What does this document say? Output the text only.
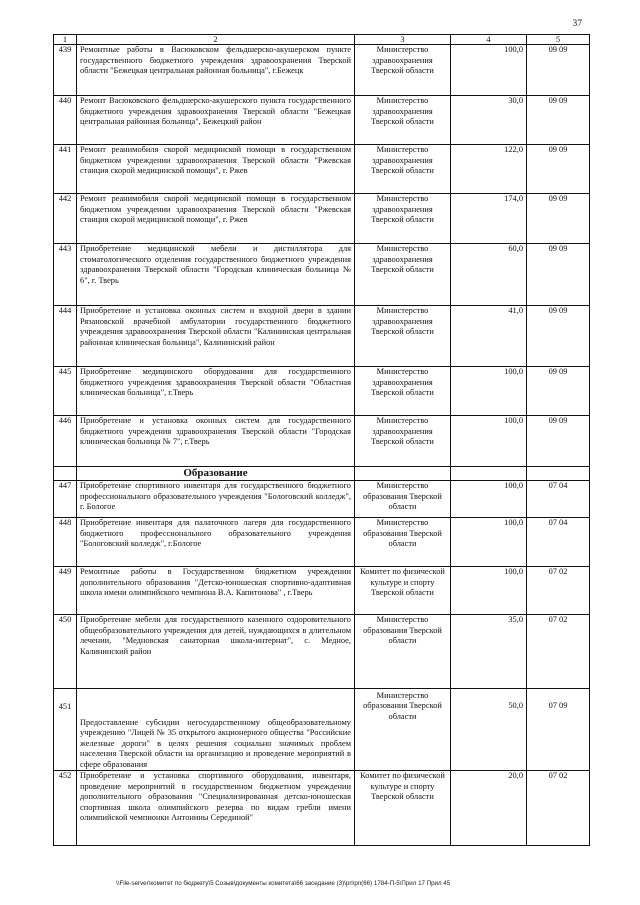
37
1	2	3	4	5
439	Ремонтные работы в Васюковском фельдшерско-акушерском пункте государственного бюджетного учреждения здравоохранения Тверской области "Бежецкая центральная районная больница", г.Бежецк	Министерство здравоохранения Тверской области	100,0	09 09
440	Ремонт Васюковского фельдшерско-акушерского пункта государственного бюджетного учреждения здравоохранения Тверской области "Бежецкая центральная районная больница", Бежецкий район	Министерство здравоохранения Тверской области	30,0	09 09
441	Ремонт реанимобиля скорой медицинской помощи в государственном бюджетном учреждении здравоохранения Тверской области "Ржевская станция скорой медицинской помощи", г. Ржев	Министерство здравоохранения Тверской области	122,0	09 09
442	Ремонт реанимобиля скорой медицинской помощи в государственном бюджетном учреждении здравоохранения Тверской области "Ржевская станция скорой медицинской помощи", г. Ржев	Министерство здравоохранения Тверской области	174,0	09 09
443	Приобретение медицинской мебели и дистиллятора для стоматологического отделения государственного бюджетного учреждения здравоохранения Тверской области "Городская клиническая больница № 6", г. Тверь	Министерство здравоохранения Тверской области	60,0	09 09
444	Приобретение и установка оконных систем и входной двери в здании Рязановской врачебной амбулатории государственного бюджетного учреждения здравоохранения Тверской области "Калининская центральная районная клиническая больница", Калининский район	Министерство здравоохранения Тверской области	41,0	09 09
445	Приобретение медицинского оборудования для государственного бюджетного учреждения здравоохранения Тверской области "Областная клиническая больница", г.Тверь	Министерство здравоохранения Тверской области	100,0	09 09
446	Приобретение и установка оконных систем для государственного бюджетного учреждения здравоохранения Тверской области "Городская клиническая больница № 7", г.Тверь	Министерство здравоохранения Тверской области	100,0	09 09
	Образование			
447	Приобретение спортивного инвентаря для государственного бюджетного профессионального образовательного учреждения "Бологовский колледж", г. Бологое	Министерство образования Тверской области	100,0	07 04
448	Приобретение инвентаря для палаточного лагеря для государственного бюджетного профессионального образовательного учреждения "Бологовский колледж", г.Бологое	Министерство образования Тверской области	100,0	07 04
449	Ремонтные работы в Государственном бюджетном учреждении дополнительного образования "Детско-юношеская спортивно-адаптивная школа имени олимпийского чемпиона В.А. Капитонова" , г.Тверь	Комитет по физической культуре и спорту Тверской области	100,0	07 02
450	Приобретение мебели для государственного казенного оздоровительного общеобразовательного учреждения для детей, нуждающихся в длительном лечении, "Медновская санаторная школа-интернат", с. Медное, Калининский район	Министерство образования Тверской области	35,0	07 02
451	Предоставление субсидии негосударственному общеобразовательному учреждению "Лицей № 35 открытого акционерного общества "Российские железные дороги" в целях решения социально значимых проблем населения Тверской области на организацию и проведение мероприятий в сфере образования	Министерство образования Тверской области	50,0	07 09
452	Приобретение и установка спортивного оборудования, инвентаря, проведение мероприятий в государственном бюджетном учреждении дополнительного образования "Специализированная детско-юношеская спортивная школа олимпийского резерва по видам гребли имени олимпийской чемпионки Антонины Серединой"	Комитет по физической культуре и спорту Тверской области	20,0	07 02
\\File-server\комитет по бюджету\5 Созыв\документы комитета\66 заседание (3)\рп\рп(66) 1784-П-5\Прил 17 Прил 45
